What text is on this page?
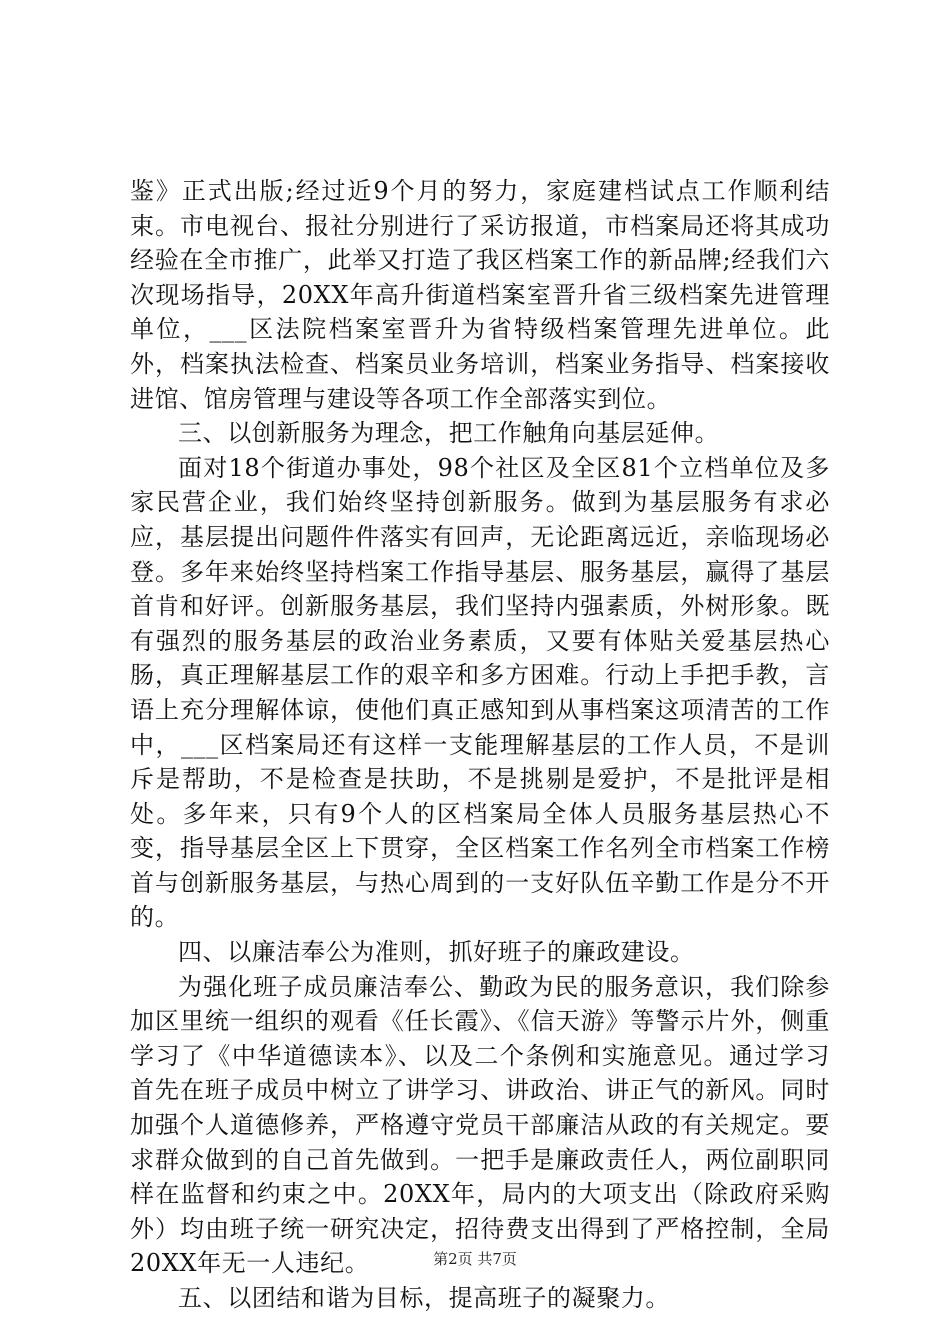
鉴》正式出版;经过近9个月的努力，家庭建档试点工作顺利结束。市电视台、报社分别进行了采访报道，市档案局还将其成功经验在全市推广，此举又打造了我区档案工作的新品牌;经我们六次现场指导，20XX年高升街道档案室晋升省三级档案先进管理单位，___区法院档案室晋升为省特级档案管理先进单位。此外，档案执法检查、档案员业务培训，档案业务指导、档案接收进馆、馆房管理与建设等各项工作全部落实到位。

三、以创新服务为理念，把工作触角向基层延伸。

面对18个街道办事处，98个社区及全区81个立档单位及多家民营企业，我们始终坚持创新服务。做到为基层服务有求必应，基层提出问题件件落实有回声，无论距离远近，亲临现场必登。多年来始终坚持档案工作指导基层、服务基层，赢得了基层首肯和好评。创新服务基层，我们坚持内强素质，外树形象。既有强烈的服务基层的政治业务素质，又要有体贴关爱基层热心肠，真正理解基层工作的艰辛和多方困难。行动上手把手教，言语上充分理解体谅，使他们真正感知到从事档案这项清苦的工作中，___区档案局还有这样一支能理解基层的工作人员，不是训斥是帮助，不是检查是扶助，不是挑剔是爱护，不是批评是相处。多年来，只有9个人的区档案局全体人员服务基层热心不变，指导基层全区上下贯穿，全区档案工作名列全市档案工作榜首与创新服务基层，与热心周到的一支好队伍辛勤工作是分不开的。

四、以廉洁奉公为准则，抓好班子的廉政建设。

为强化班子成员廉洁奉公、勤政为民的服务意识，我们除参加区里统一组织的观看《任长霞》、《信天游》等警示片外，侧重学习了《中华道德读本》、以及二个条例和实施意见。通过学习首先在班子成员中树立了讲学习、讲政治、讲正气的新风。同时加强个人道德修养，严格遵守党员干部廉洁从政的有关规定。要求群众做到的自己首先做到。一把手是廉政责任人，两位副职同样在监督和约束之中。20XX年，局内的大项支出（除政府采购外）均由班子统一研究决定，招待费支出得到了严格控制，全局20XX年无一人违纪。

五、以团结和谐为目标，提高班子的凝聚力。

第2页 共7页
